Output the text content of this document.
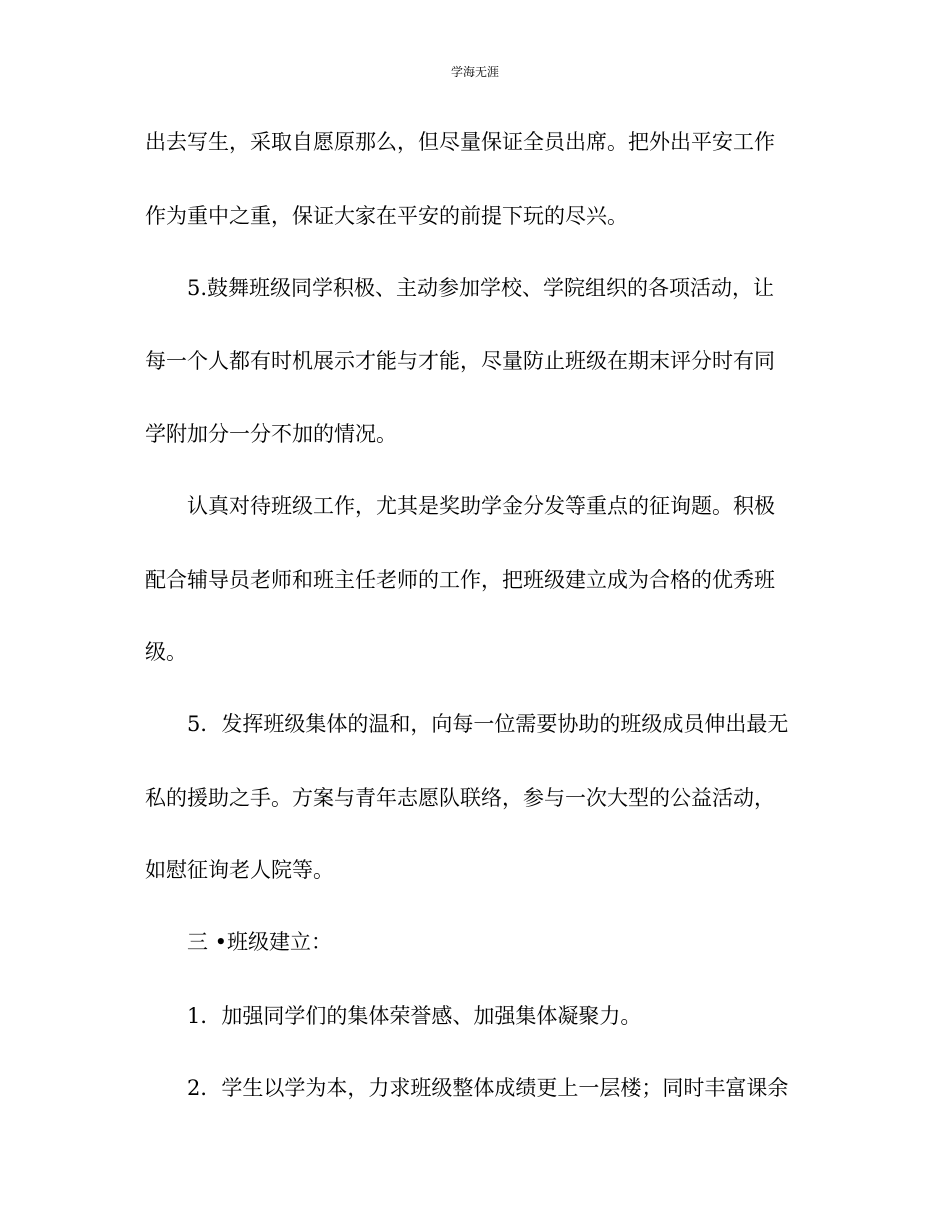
学海无涯
出去写生，采取自愿原那么，但尽量保证全员出席。把外出平安工作
作为重中之重，保证大家在平安的前提下玩的尽兴。
5.鼓舞班级同学积极、主动参加学校、学院组织的各项活动，让
每一个人都有时机展示才能与才能，尽量防止班级在期末评分时有同
学附加分一分不加的情况。
认真对待班级工作，尤其是奖助学金分发等重点的征询题。积极
配合辅导员老师和班主任老师的工作，把班级建立成为合格的优秀班
级。
5．发挥班级集体的温和，向每一位需要协助的班级成员伸出最无
私的援助之手。方案与青年志愿队联络，参与一次大型的公益活动，
如慰征询老人院等。
三 •班级建立：
1．加强同学们的集体荣誉感、加强集体凝聚力。
2．学生以学为本，力求班级整体成绩更上一层楼；同时丰富课余
